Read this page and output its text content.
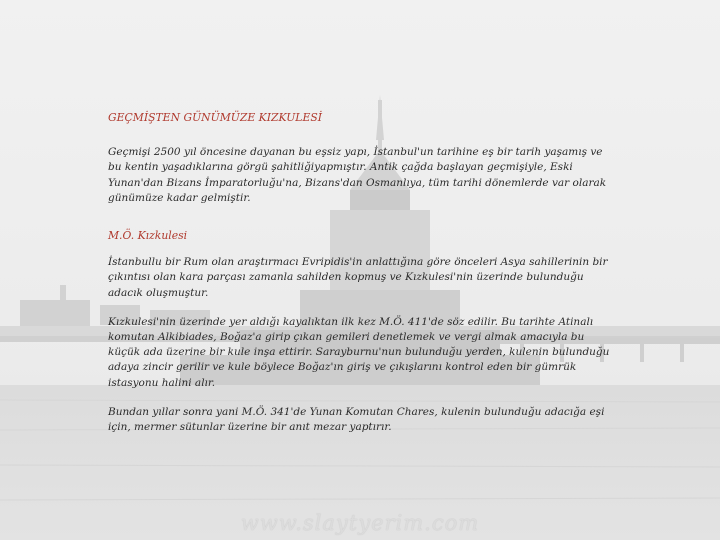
GEÇMİŞTEN GÜNÜMÜZE KIZKULESİ

Geçmişi 2500 yıl öncesine dayanan bu eşsiz yapı, İstanbul'un tarihine eş bir tarih yaşamış ve bu kentin yaşadıklarına görgü şahitliğiyapmıştır. Antik çağda başlayan geçmişiyle, Eski Yunan'dan Bizans İmparatorluğu'na, Bizans'dan Osmanlıya, tüm tarihi dönemlerde var olarak günümüze kadar gelmiştir.

M.Ö. Kızkulesi

İstanbullu bir Rum olan araştırmacı Evripidis'in anlattığına göre önceleri Asya sahillerinin bir çıkıntısı olan kara parçası zamanla sahilden kopmuş ve Kızkulesi'nin üzerinde bulunduğu adacık oluşmuştur.

Kızkulesi'nin üzerinde yer aldığı kayalıktan ilk kez M.Ö. 411'de söz edilir. Bu tarihte Atinalı komutan Alkibiades, Boğaz'a girip çıkan gemileri denetlemek ve vergi almak amacıyla bu küçük ada üzerine bir kule inşa ettirir. Sarayburnu'nun bulunduğu yerden, kulenin bulunduğu adaya zincir gerilir ve kule böylece Boğaz'ın giriş ve çıkışlarını kontrol eden bir gümrük istasyonu halini alır.

Bundan yıllar sonra yani M.Ö. 341'de Yunan Komutan Chares, kulenin bulunduğu adacığa eşi için, mermer sütunlar üzerine bir anıt mezar yaptırır.

www.slaytyerim.com
